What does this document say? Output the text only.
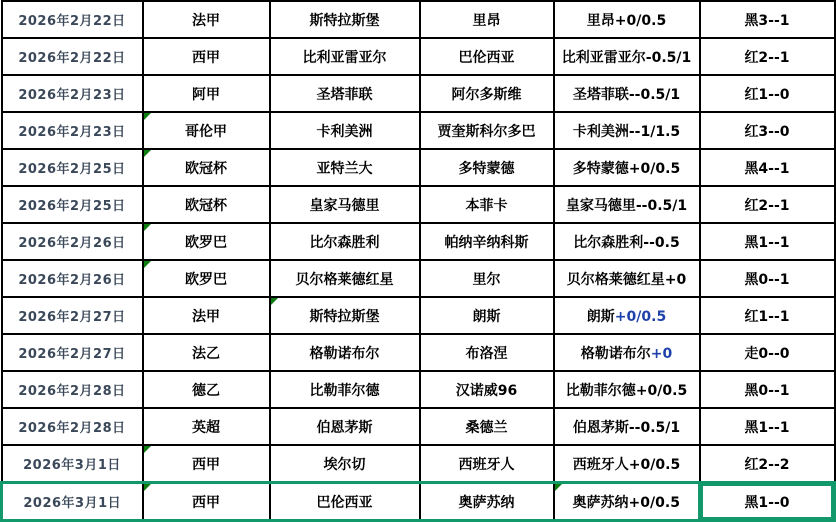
2026年2月22日	法甲	斯特拉斯堡	里昂	里昂+0/0.5	黑3--1
2026年2月22日	西甲	比利亚雷亚尔	巴伦西亚	比利亚雷亚尔-0.5/1	红2--1
2026年2月23日	阿甲	圣塔菲联	阿尔多斯维	圣塔菲联--0.5/1	红1--0
2026年2月23日	哥伦甲	卡利美洲	贾奎斯科尔多巴	卡利美洲--1/1.5	红3--0
2026年2月25日	欧冠杯	亚特兰大	多特蒙德	多特蒙德+0/0.5	黑4--1
2026年2月25日	欧冠杯	皇家马德里	本菲卡	皇家马德里--0.5/1	红2--1
2026年2月26日	欧罗巴	比尔森胜利	帕纳辛纳科斯	比尔森胜利--0.5	黑1--1
2026年2月26日	欧罗巴	贝尔格莱德红星	里尔	贝尔格莱德红星+0	黑0--1
2026年2月27日	法甲	斯特拉斯堡	朗斯	朗斯+0/0.5	红1--1
2026年2月27日	法乙	格勒诺布尔	布洛涅	格勒诺布尔+0	走0--0
2026年2月28日	德乙	比勒菲尔德	汉诺威96	比勒菲尔德+0/0.5	黑0--1
2026年2月28日	英超	伯恩茅斯	桑德兰	伯恩茅斯--0.5/1	黑1--1
2026年3月1日	西甲	埃尔切	西班牙人	西班牙人+0/0.5	红2--2
2026年3月1日	西甲	巴伦西亚	奥萨苏纳	奥萨苏纳+0/0.5	黑1--0
